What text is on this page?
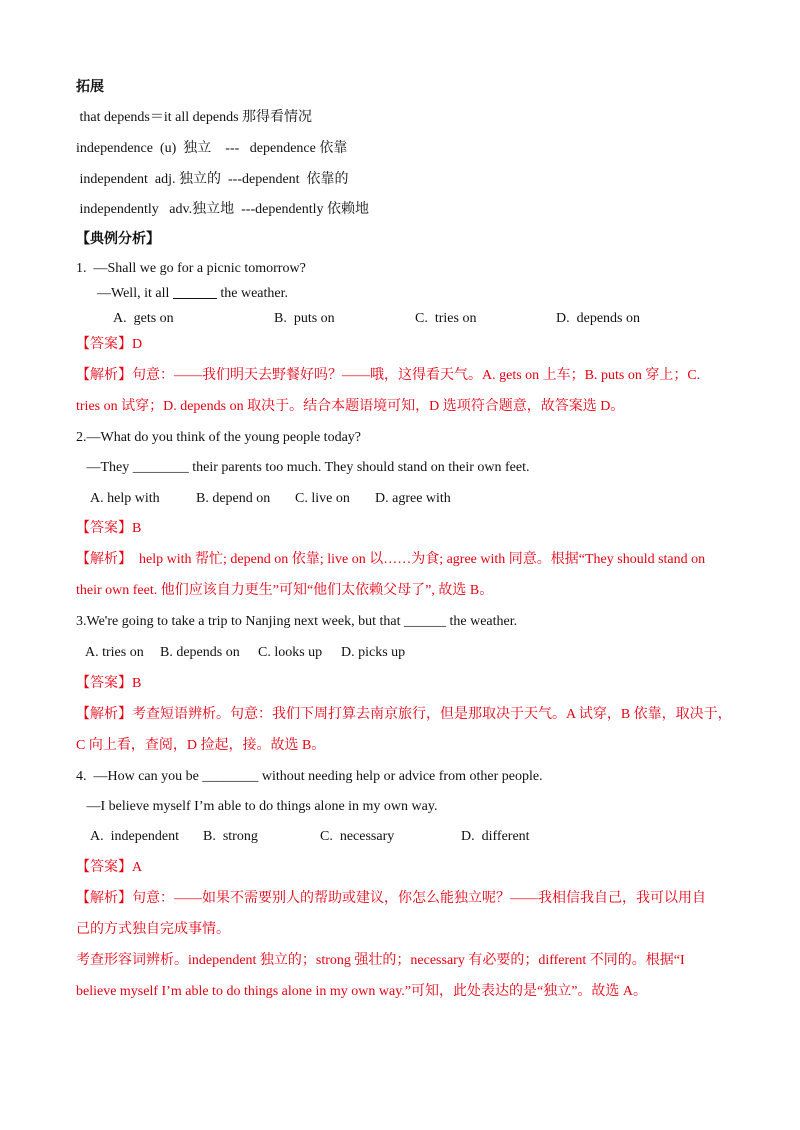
拓展
that depends＝it all depends 那得看情况
independence  (u)  独立    ---   dependence 依靠
independent  adj. 独立的  ---dependent  依靠的
independently   adv.独立地  ---dependently 依赖地
【典例分析】
1.  —Shall we go for a picnic tomorrow?
—Well, it all	the weather.
A.  gets on	B.  puts on	C.  tries on	D.  depends on
【答案】D
【解析】句意：——我们明天去野餐好吗？——哦，这得看天气。A. gets on 上车；B. puts on 穿上；C.
tries on 试穿；D. depends on 取决于。结合本题语境可知，D 选项符合题意，故答案选 D。
2.—What do you think of the young people today?
—They ________ their parents too much. They should stand on their own feet.
A. help with	B. depend on C. live on D. agree with
【答案】B
【解析】  help with 帮忙; depend on 依靠; live on 以……为食; agree with 同意。根据“They should stand on
their own feet. 他们应该自力更生”可知“他们太依赖父母了”, 故选 B。
3.We're going to take a trip to Nanjing next week, but that ______ the weather.
A. tries on B. depends on C. looks up D. picks up
【答案】B
【解析】考查短语辨析。句意：我们下周打算去南京旅行，但是那取决于天气。A 试穿，B 依靠，取决于，
C 向上看，查阅，D 捡起，接。故选 B。
4.  —How can you be ________ without needing help or advice from other people.
—I believe myself I’m able to do things alone in my own way.
A.  independent B.  strong	C.  necessary	D.  different
【答案】A
【解析】句意：——如果不需要别人的帮助或建议，你怎么能独立呢？——我相信我自己，我可以用自
己的方式独自完成事情。
考查形容词辨析。independent 独立的；strong 强壮的；necessary 有必要的；different 不同的。根据“I
believe myself I’m able to do things alone in my own way.”可知，此处表达的是“独立”。故选 A。
